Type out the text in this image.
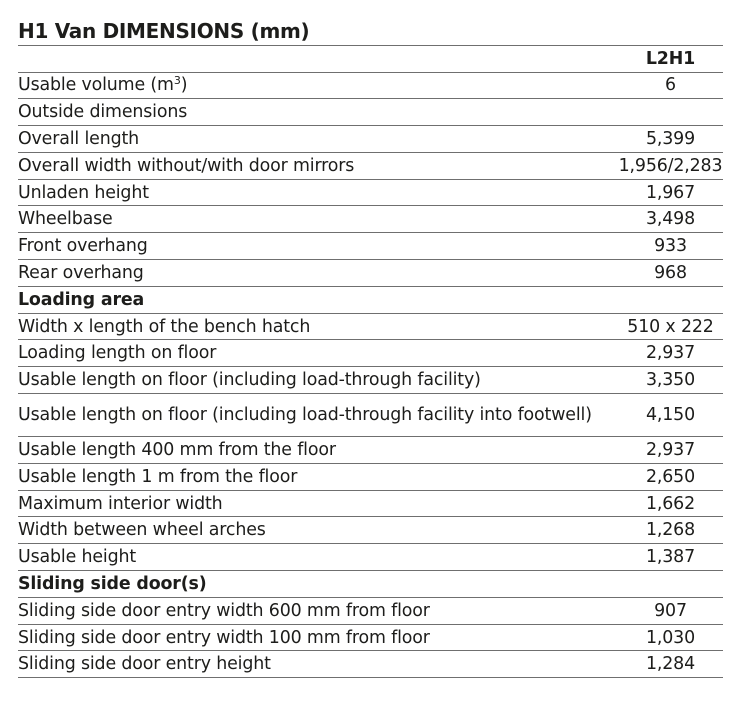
H1 Van DIMENSIONS (mm)
	L2H1
Usable volume $(m^3)$	6
Outside dimensions	
Overall length	5,399
Overall width without/with door mirrors	1,956/2,283
Unladen height	1,967
Wheelbase	3,498
Front overhang	933
Rear overhang	968
Loading area	
Width x length of the bench hatch	510 x 222
Loading length on floor	2,937
Usable length on floor (including load-through facility)	3,350
Usable length on floor (including load-through facility into footwell)	4,150
Usable length 400 mm from the floor	2,937
Usable length 1 m from the floor	2,650
Maximum interior width	1,662
Width between wheel arches	1,268
Usable height	1,387
Sliding side door(s)	
Sliding side door entry width 600 mm from floor	907
Sliding side door entry width 100 mm from floor	1,030
Sliding side door entry height	1,284
